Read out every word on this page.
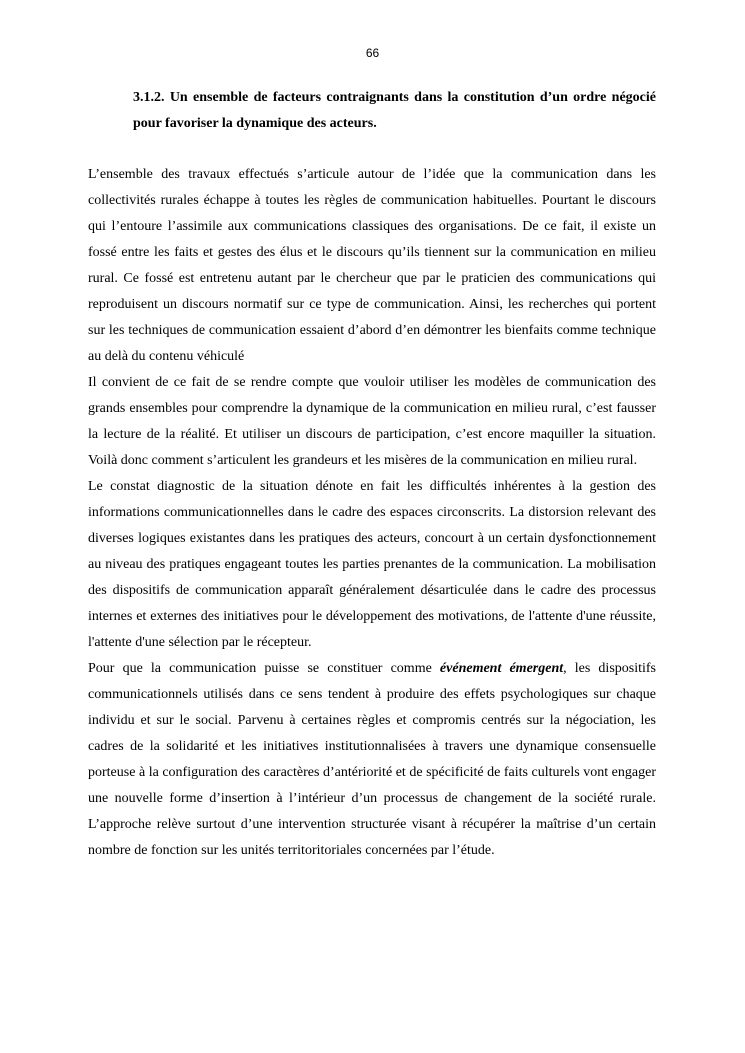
66
3.1.2. Un ensemble de facteurs contraignants dans la constitution d’un ordre négocié pour favoriser la dynamique des acteurs.

L’ensemble des travaux effectués s’articule autour de l’idée que la communication dans les collectivités rurales échappe à toutes les règles de communication habituelles. Pourtant le discours qui l’entoure l’assimile aux communications classiques des organisations. De ce fait, il existe un fossé entre les faits et gestes des élus et le discours qu’ils tiennent sur la communication en milieu rural. Ce fossé est entretenu autant par le chercheur que par le praticien des communications qui reproduisent un discours normatif sur ce type de communication. Ainsi, les recherches qui portent sur les techniques de communication essaient d’abord d’en démontrer les bienfaits comme technique au delà du contenu véhiculé

Il convient de ce fait de se rendre compte que vouloir utiliser les modèles de communication des grands ensembles pour comprendre la dynamique de la communication en milieu rural, c’est fausser la lecture de la réalité. Et utiliser un discours de participation, c’est encore maquiller la situation. Voilà donc comment s’articulent les grandeurs et les misères de la communication en milieu rural.

Le constat diagnostic de la situation dénote en fait les difficultés inhérentes à la gestion des informations communicationnelles dans le cadre des espaces circonscrits. La distorsion relevant des diverses logiques existantes dans les pratiques des acteurs, concourt à un certain dysfonctionnement au niveau des pratiques engageant toutes les parties prenantes de la communication. La mobilisation des dispositifs de communication apparaît généralement désarticulée dans le cadre des processus internes et externes des initiatives pour le développement des motivations, de l'attente d'une réussite, l'attente d'une sélection par le récepteur.

Pour que la communication puisse se constituer comme événement émergent, les dispositifs communicationnels utilisés dans ce sens tendent à produire des effets psychologiques sur chaque individu et sur le social. Parvenu à certaines règles et compromis centrés sur la négociation, les cadres de la solidarité et les initiatives institutionnalisées à travers une dynamique consensuelle porteuse à la configuration des caractères d’antériorité et de spécificité de faits culturels vont engager une nouvelle forme d’insertion à l’intérieur d’un processus de changement de la société rurale. L’approche relève surtout d’une intervention structurée visant à récupérer la maîtrise d’un certain nombre de fonction sur les unités territoritoriales concernées par l’étude.
